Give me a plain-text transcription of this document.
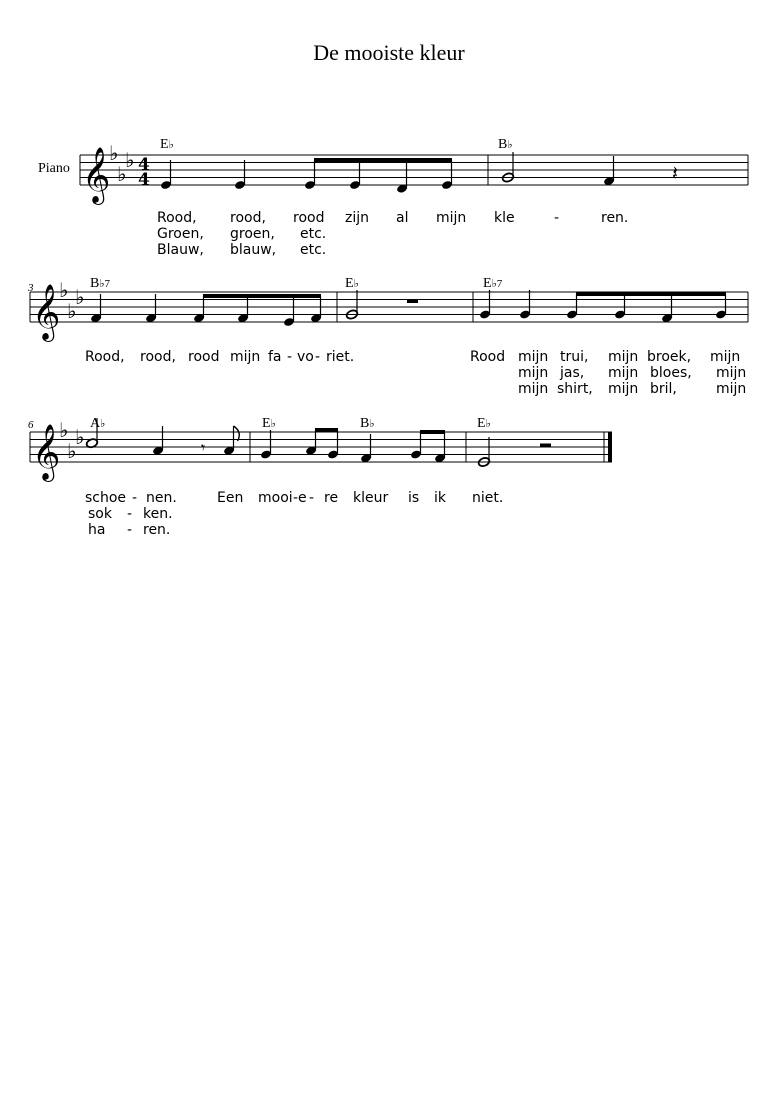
De mooiste kleur
Piano 𝄞
♭
♭
♭ 4
4
E♭	B♭
𝄽
Rood, rood, rood zijn al mijn kle	-	ren.
Groen, groen, etc.
Blauw, blauw, etc.
3
𝄞
♭
♭
♭
B♭7	E♭	E♭7
Rood, rood, rood mijn fa - vo - riet.	Rood mijn trui, mijn broek, mijn
mijn jas, mijn bloes, mijn
mijn shirt, mijn bril,	mijn
6
𝄞
♭
♭
♭
A♭	E♭	B♭	E♭
𝄾
schoe - nen.	Een mooi - e - re kleur is ik niet.
sok - ken.
ha - ren.
